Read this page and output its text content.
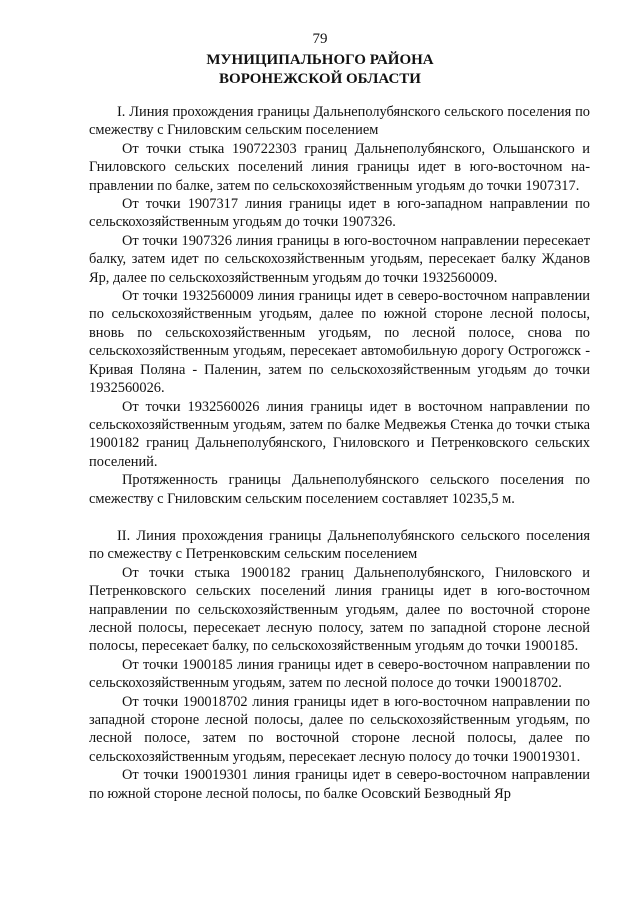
79
МУНИЦИПАЛЬНОГО РАЙОНА
ВОРОНЕЖСКОЙ ОБЛАСТИ

I. Линия прохождения границы Дальнеполубянского сельского поселения по смежеству с Гниловским сельским поселением

От точки стыка 190722303 границ Дальнеполубянского, Ольшанского и Гниловского сельских поселений линия границы идет в юго-восточном направлении по балке, затем по сельскохозяйственным угодьям до точки 1907317.

От точки 1907317 линия границы идет в юго-западном направлении по сельскохозяйственным угодьям до точки 1907326.

От точки 1907326 линия границы в юго-восточном направлении пересекает балку, затем идет по сельскохозяйственным угодьям, пересекает балку Жданов Яр, далее по сельскохозяйственным угодьям до точки 1932560009.

От точки 1932560009 линия границы идет в северо-восточном направлении по сельскохозяйственным угодьям, далее по южной стороне лесной полосы, вновь по сельскохозяйственным угодьям, по лесной полосе, снова по сельскохозяйственным угодьям, пересекает автомобильную дорогу Острогожск - Кривая Поляна - Паленин, затем по сельскохозяйственным угодьям до точки 1932560026.

От точки 1932560026 линия границы идет в восточном направлении по сельскохозяйственным угодьям, затем по балке Медвежья Стенка до точки стыка 1900182 границ Дальнеполубянского, Гниловского и Петренковского сельских поселений.

Протяженность границы Дальнеполубянского сельского поселения по смежеству с Гниловским сельским поселением составляет 10235,5 м.

II. Линия прохождения границы Дальнеполубянского сельского поселения по смежеству с Петренковским сельским поселением

От точки стыка 1900182 границ Дальнеполубянского, Гниловского и Петренковского сельских поселений линия границы идет в юго-восточном направлении по сельскохозяйственным угодьям, далее по восточной стороне лесной полосы, пересекает лесную полосу, затем по западной стороне лесной полосы, пересекает балку, по сельскохозяйственным угодьям до точки 1900185.

От точки 1900185 линия границы идет в северо-восточном направлении по сельскохозяйственным угодьям, затем по лесной полосе до точки 190018702.

От точки 190018702 линия границы идет в юго-восточном направлении по западной стороне лесной полосы, далее по сельскохозяйственным угодьям, по лесной полосе, затем по восточной стороне лесной полосы, далее по сельскохозяйственным угодьям, пересекает лесную полосу до точки 190019301.

От точки 190019301 линия границы идет в северо-восточном направлении по южной стороне лесной полосы, по балке Осовский Безводный Яр
